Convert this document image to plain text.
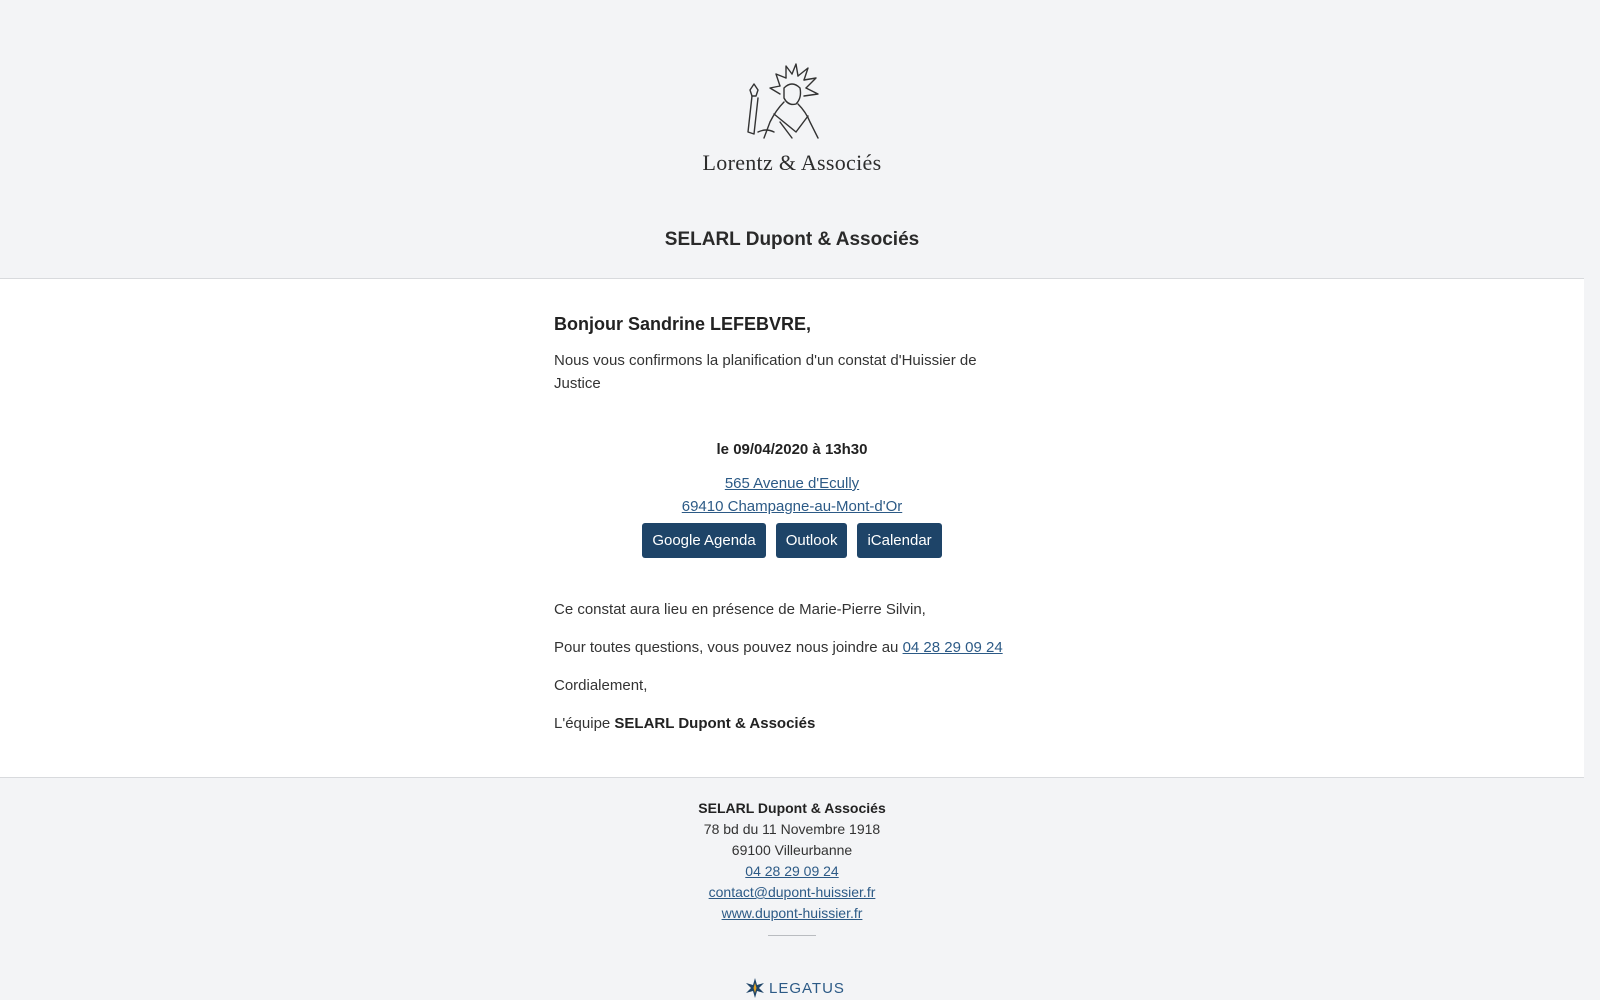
Lorentz & Associés
SELARL Dupont & Associés
Bonjour Sandrine LEFEBVRE,
Nous vous confirmons la planification d'un constat d'Huissier de Justice
le 09/04/2020 à 13h30
565 Avenue d'Ecully
69410 Champagne-au-Mont-d'Or
Google Agenda	Outlook	iCalendar
Ce constat aura lieu en présence de Marie-Pierre Silvin,
Pour toutes questions, vous pouvez nous joindre au 04 28 29 09 24
Cordialement,
L'équipe SELARL Dupont & Associés
SELARL Dupont & Associés
78 bd du 11 Novembre 1918
69100 Villeurbanne
04 28 29 09 24
contact@dupont-huissier.fr
www.dupont-huissier.fr
LEGATUS
